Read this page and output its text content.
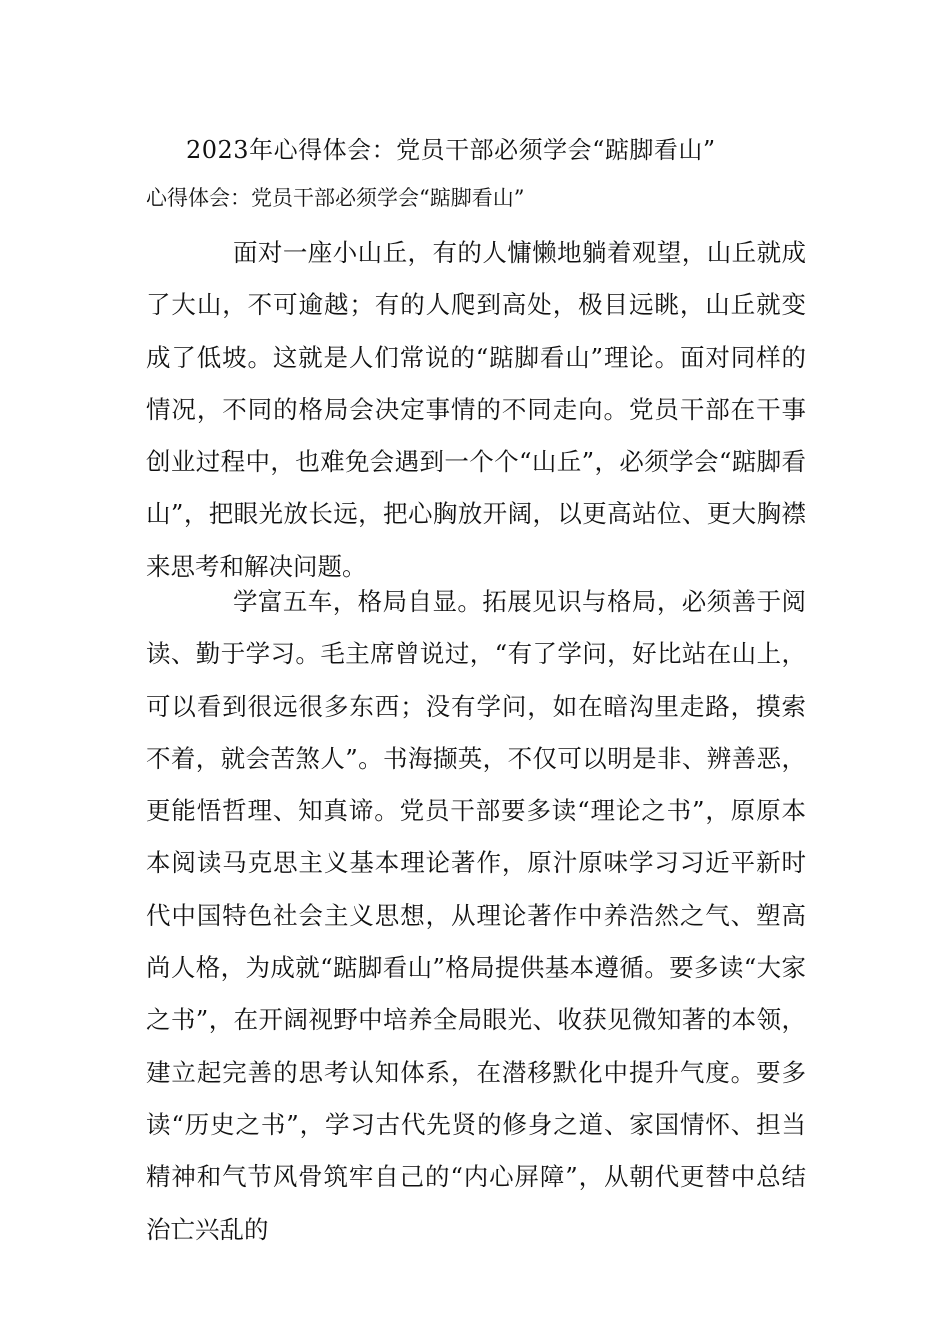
2023年心得体会：党员干部必须学会“踮脚看山”
心得体会：党员干部必须学会“踮脚看山”

面对一座小山丘，有的人慵懒地躺着观望，山丘就成了大山，不可逾越；有的人爬到高处，极目远眺，山丘就变成了低坡。这就是人们常说的“踮脚看山”理论。面对同样的情况，不同的格局会决定事情的不同走向。党员干部在干事创业过程中，也难免会遇到一个个“山丘”，必须学会“踮脚看山”，把眼光放长远，把心胸放开阔，以更高站位、更大胸襟来思考和解决问题。

学富五车，格局自显。拓展见识与格局，必须善于阅读、勤于学习。毛主席曾说过，“有了学问，好比站在山上，可以看到很远很多东西；没有学问，如在暗沟里走路，摸索不着，就会苦煞人”。书海撷英，不仅可以明是非、辨善恶，更能悟哲理、知真谛。党员干部要多读“理论之书”，原原本本阅读马克思主义基本理论著作，原汁原味学习习近平新时代中国特色社会主义思想，从理论著作中养浩然之气、塑高尚人格，为成就“踮脚看山”格局提供基本遵循。要多读“大家之书”，在开阔视野中培养全局眼光、收获见微知著的本领，建立起完善的思考认知体系，在潜移默化中提升气度。要多读“历史之书”，学习古代先贤的修身之道、家国情怀、担当精神和气节风骨筑牢自己的“内心屏障”，从朝代更替中总结治亡兴乱的
